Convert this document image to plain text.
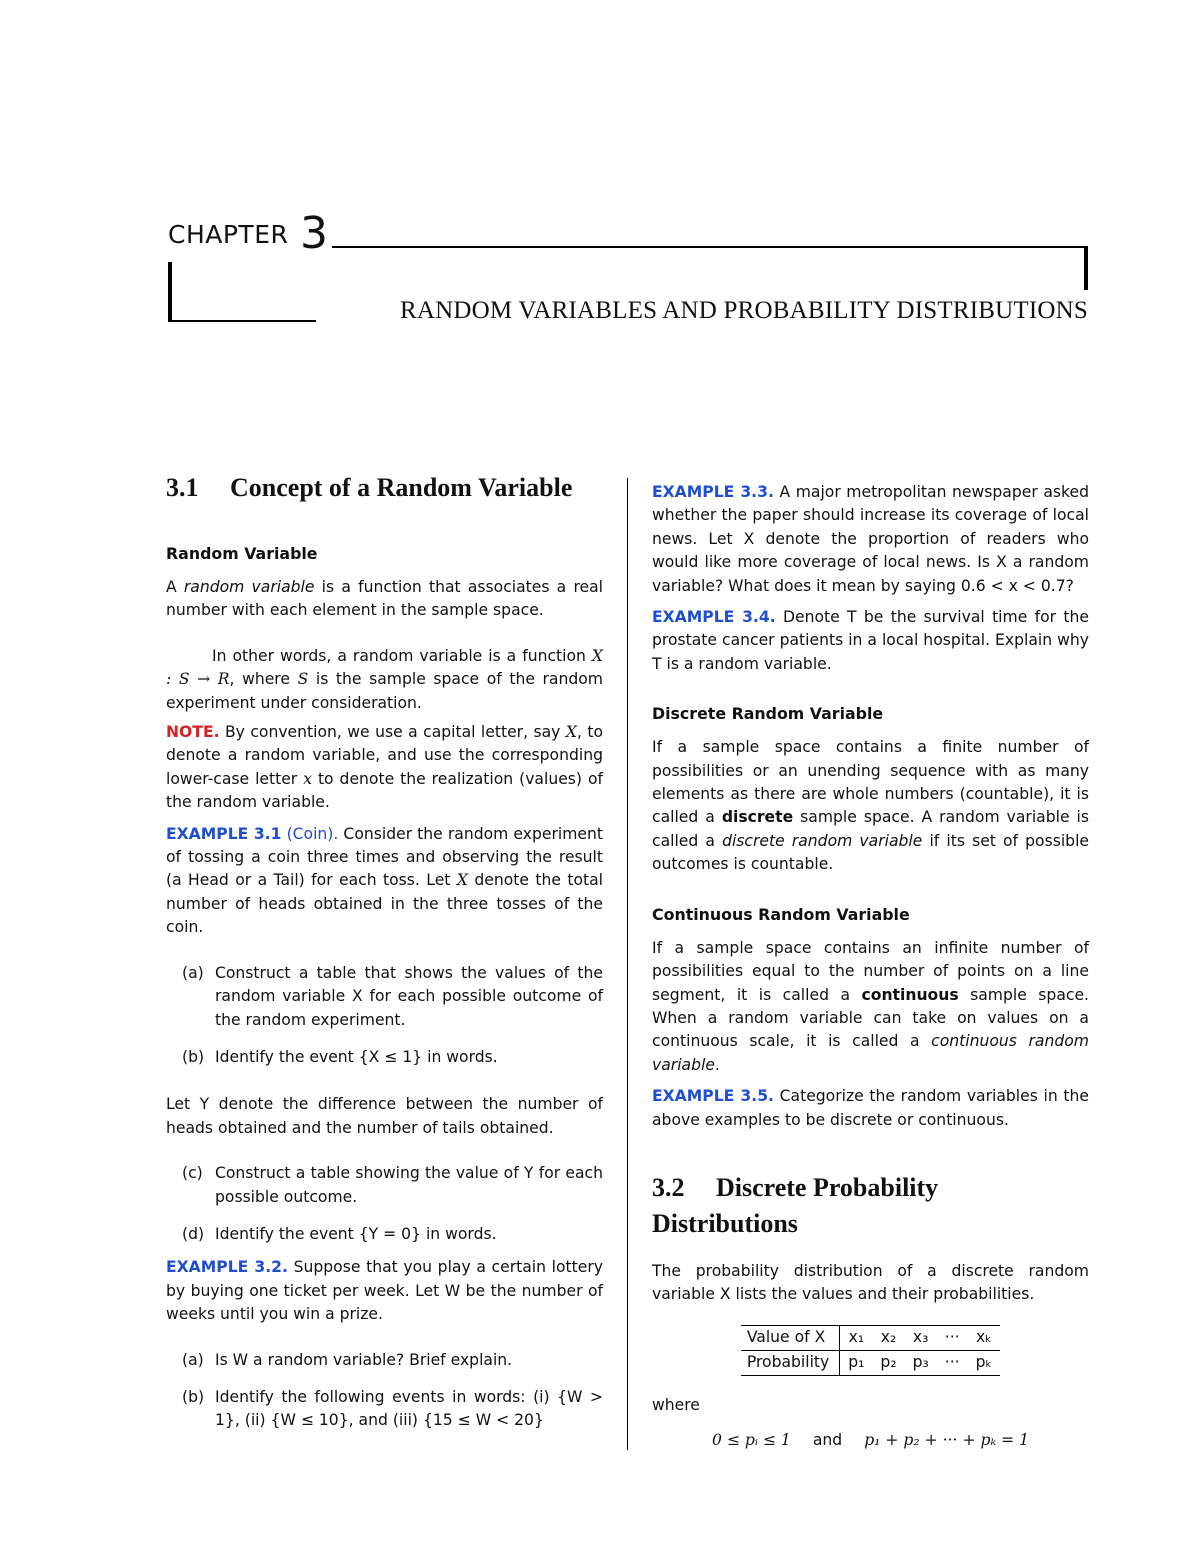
CHAPTER 3
RANDOM VARIABLES AND PROBABILITY DISTRIBUTIONS
3.1 Concept of a Random Variable
Random Variable

A random variable is a function that associates a real number with each element in the sample space.

In other words, a random variable is a function X : S → R, where S is the sample space of the random experiment under consideration.

NOTE. By convention, we use a capital letter, say X, to denote a random variable, and use the corresponding lower-case letter x to denote the realization (values) of the random variable.

EXAMPLE 3.1 (Coin). Consider the random experiment of tossing a coin three times and observing the result (a Head or a Tail) for each toss. Let X denote the total number of heads obtained in the three tosses of the coin.

(a) Construct a table that shows the values of the random variable X for each possible outcome of the random experiment.
(b) Identify the event {X ≤ 1} in words.

Let Y denote the difference between the number of heads obtained and the number of tails obtained.

(c) Construct a table showing the value of Y for each possible outcome.
(d) Identify the event {Y = 0} in words.

EXAMPLE 3.2. Suppose that you play a certain lottery by buying one ticket per week. Let W be the number of weeks until you win a prize.

(a) Is W a random variable? Brief explain.
(b) Identify the following events in words: (i) {W > 1}, (ii) {W ≤ 10}, and (iii) {15 ≤ W < 20}

EXAMPLE 3.3. A major metropolitan newspaper asked whether the paper should increase its coverage of local news. Let X denote the proportion of readers who would like more coverage of local news. Is X a random variable? What does it mean by saying 0.6 < x < 0.7?

EXAMPLE 3.4. Denote T be the survival time for the prostate cancer patients in a local hospital. Explain why T is a random variable.

Discrete Random Variable

If a sample space contains a finite number of possibilities or an unending sequence with as many elements as there are whole numbers (countable), it is called a discrete sample space. A random variable is called a discrete random variable if its set of possible outcomes is countable.

Continuous Random Variable

If a sample space contains an infinite number of possibilities equal to the number of points on a line segment, it is called a continuous sample space. When a random variable can take on values on a continuous scale, it is called a continuous random variable.

EXAMPLE 3.5. Categorize the random variables in the above examples to be discrete or continuous.

3.2 Discrete Probability Distributions

The probability distribution of a discrete random variable X lists the values and their probabilities.

Value of X	x₁	x₂	x₃	···	xₖ
Probability	p₁	p₂	p₃	···	pₖ

where

0 ≤ pᵢ ≤ 1 and p₁ + p₂ + ··· + pₖ = 1
